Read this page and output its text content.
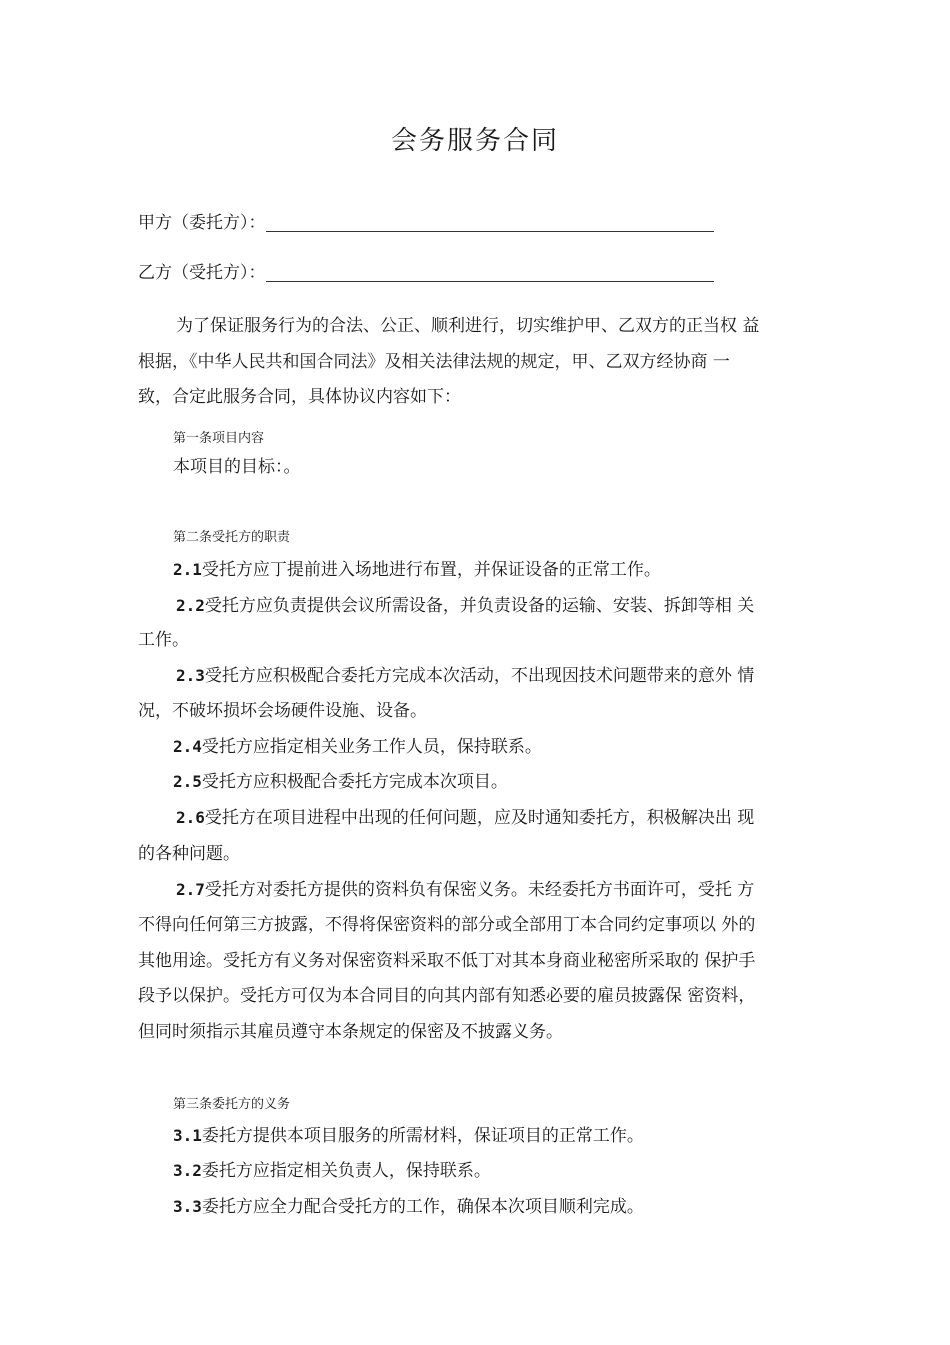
会务服务合同
甲方（委托方）：
乙方（受托方）：
为了保证服务行为的合法、公正、顺利进行，切实维护甲、乙双方的正当权 益
根据，《中华人民共和国合同法》及相关法律法规的规定，甲、乙双方经协商 一
致，合定此服务合同，具体协议内容如下：
第一条项目内容
本项目的目标：。
第二条受托方的职责
2.1受托方应丁提前进入场地进行布置，并保证设备的正常工作。
2.2受托方应负责提供会议所需设备，并负责设备的运输、安装、拆卸等相 关
工作。
2.3受托方应积极配合委托方完成本次活动，不出现因技术问题带来的意外 情
况，不破坏损坏会场硬件设施、设备。
2.4受托方应指定相关业务工作人员，保持联系。
2.5受托方应积极配合委托方完成本次项目。
2.6受托方在项目进程中出现的任何问题，应及时通知委托方，积极解决出 现
的各种问题。
2.7受托方对委托方提供的资料负有保密义务。未经委托方书面许可，受托 方
不得向任何第三方披露，不得将保密资料的部分或全部用丁本合同约定事项以 外的
其他用途。受托方有义务对保密资料采取不低丁对其本身商业秘密所采取的 保护手
段予以保护。受托方可仅为本合同目的向其内部有知悉必要的雇员披露保 密资料，
但同时须指示其雇员遵守本条规定的保密及不披露义务。
第三条委托方的义务
3.1委托方提供本项目服务的所需材料，保证项目的正常工作。
3.2委托方应指定相关负责人，保持联系。
3.3委托方应全力配合受托方的工作，确保本次项目顺利完成。
